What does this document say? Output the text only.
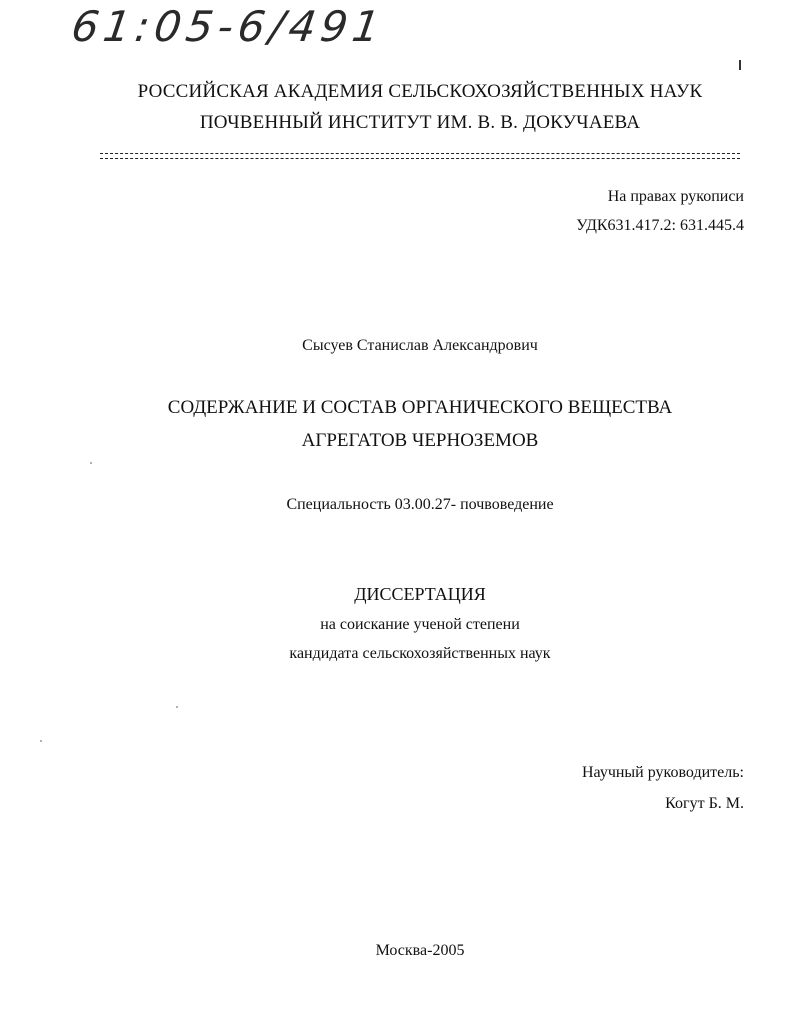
61:05-6/491
РОССИЙСКАЯ АКАДЕМИЯ СЕЛЬСКОХОЗЯЙСТВЕННЫХ НАУК
ПОЧВЕННЫЙ ИНСТИТУТ ИМ. В. В. ДОКУЧАЕВА
На правах рукописи
УДК631.417.2: 631.445.4
Сысуев Станислав Александрович
СОДЕРЖАНИЕ И СОСТАВ ОРГАНИЧЕСКОГО ВЕЩЕСТВА
АГРЕГАТОВ ЧЕРНОЗЕМОВ
Специальность 03.00.27- почвоведение
ДИССЕРТАЦИЯ
на соискание ученой степени
кандидата сельскохозяйственных наук
Научный руководитель:
Когут Б. М.
Москва-2005
